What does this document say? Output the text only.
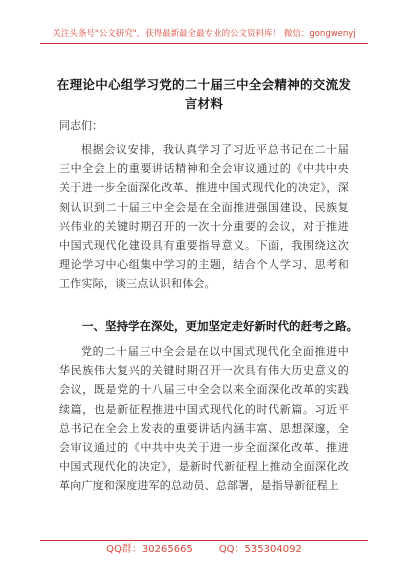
关注头条号"公文研究"，获得最新最全最专业的公文资料库！ 微信：gongwenyj
在理论中心组学习党的二十届三中全会精神的交流发言材料
同志们：
根据会议安排，我认真学习了习近平总书记在二十届三中全会上的重要讲话精神和全会审议通过的《中共中央关于进一步全面深化改革、推进中国式现代化的决定》，深刻认识到二十届三中全会是在全面推进强国建设、民族复兴伟业的关键时期召开的一次十分重要的会议，对于推进中国式现代化建设具有重要指导意义。下面，我围绕这次理论学习中心组集中学习的主题，结合个人学习、思考和工作实际，谈三点认识和体会。
一、坚持学在深处，更加坚定走好新时代的赶考之路。
党的二十届三中全会是在以中国式现代化全面推进中华民族伟大复兴的关键时期召开一次具有伟大历史意义的会议，既是党的十八届三中全会以来全面深化改革的实践续篇，也是新征程推进中国式现代化的时代新篇。习近平总书记在全会上发表的重要讲话内涵丰富、思想深邃，全会审议通过的《中共中央关于进一步全面深化改革、推进中国式现代化的决定》，是新时代新征程上推动全面深化改革向广度和深度进军的总动员、总部署，是指导新征程上
QQ群：30265665	QQ：535304092
